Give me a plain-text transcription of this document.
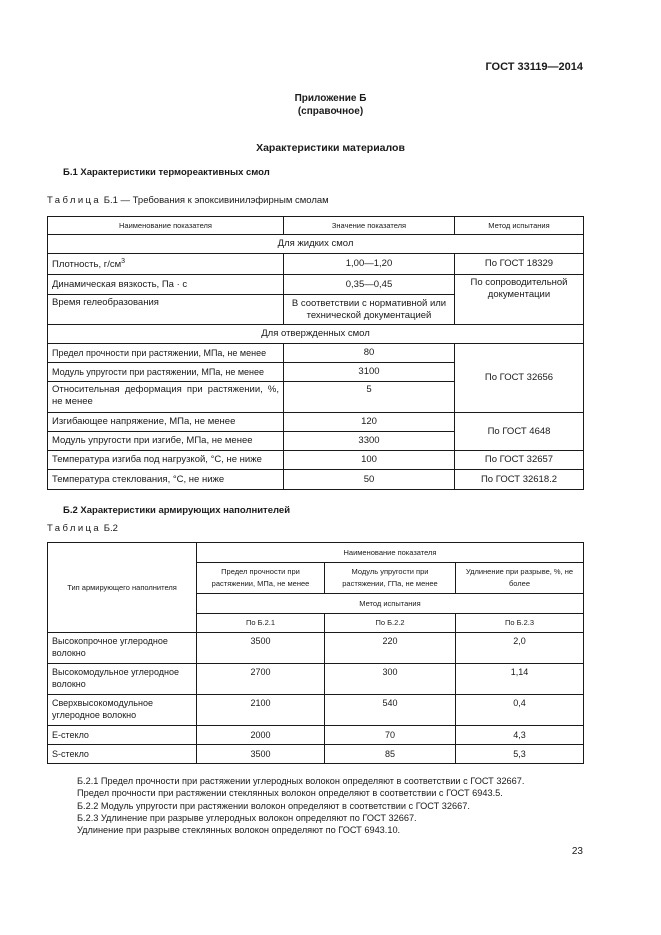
ГОСТ 33119—2014
Приложение Б
(справочное)
Характеристики материалов
Б.1 Характеристики термореактивных смол
Таблица Б.1 — Требования к эпоксивинилэфирным смолам
Наименование показателя	Значение показателя	Метод испытания
Для жидких смол		
Плотность, $г/см^3$	1,00—1,20	По ГОСТ 18329
Динамическая вязкость, Па · с	0,35—0,45	По сопроводительной документации
Время гелеобразования	В соответствии с нормативной или технической документацией	
Для отвержденных смол		
Предел прочности при растяжении, МПа, не менее	80	По ГОСТ 32656
Модуль упругости при растяжении, МПа, не менее	3100	

Относительная деформация при растяжении, %, не менее	5	
Изгибающее напряжение, МПа, не менее	120	По ГОСТ 4648
Модуль упругости при изгибе, МПа, не менее	3300	
Температура изгиба под нагрузкой, °С, не ниже	100	По ГОСТ 32657
Температура стеклования, °С, не ниже	50	По ГОСТ 32618.2
Б.2 Характеристики армирующих наполнителей
Таблица Б.2
Тип армирующего наполнителя	Наименование показателя		
	Предел прочности при растяжении, МПа, не менее	Модуль упругости при растяжении, ГПа, не менее	Удлинение при разрыве, %, не более
	Метод испытания		
	По Б.2.1	По Б.2.2	По Б.2.3
Высокопрочное углеродное волокно	3500	220	2,0
Высокомодульное углеродное волокно	2700	300	1,14
Сверхвысокомодульное углеродное волокно	2100	540	0,4
Е-стекло	2000	70	4,3
S-стекло	3500	85	5,3
Б.2.1 Предел прочности при растяжении углеродных волокон определяют в соответствии с ГОСТ 32667.
Предел прочности при растяжении стеклянных волокон определяют в соответствии с ГОСТ 6943.5.
Б.2.2 Модуль упругости при растяжении волокон определяют в соответствии с ГОСТ 32667.
Б.2.3 Удлинение при разрыве углеродных волокон определяют по ГОСТ 32667.
Удлинение при разрыве стеклянных волокон определяют по ГОСТ 6943.10.
23
